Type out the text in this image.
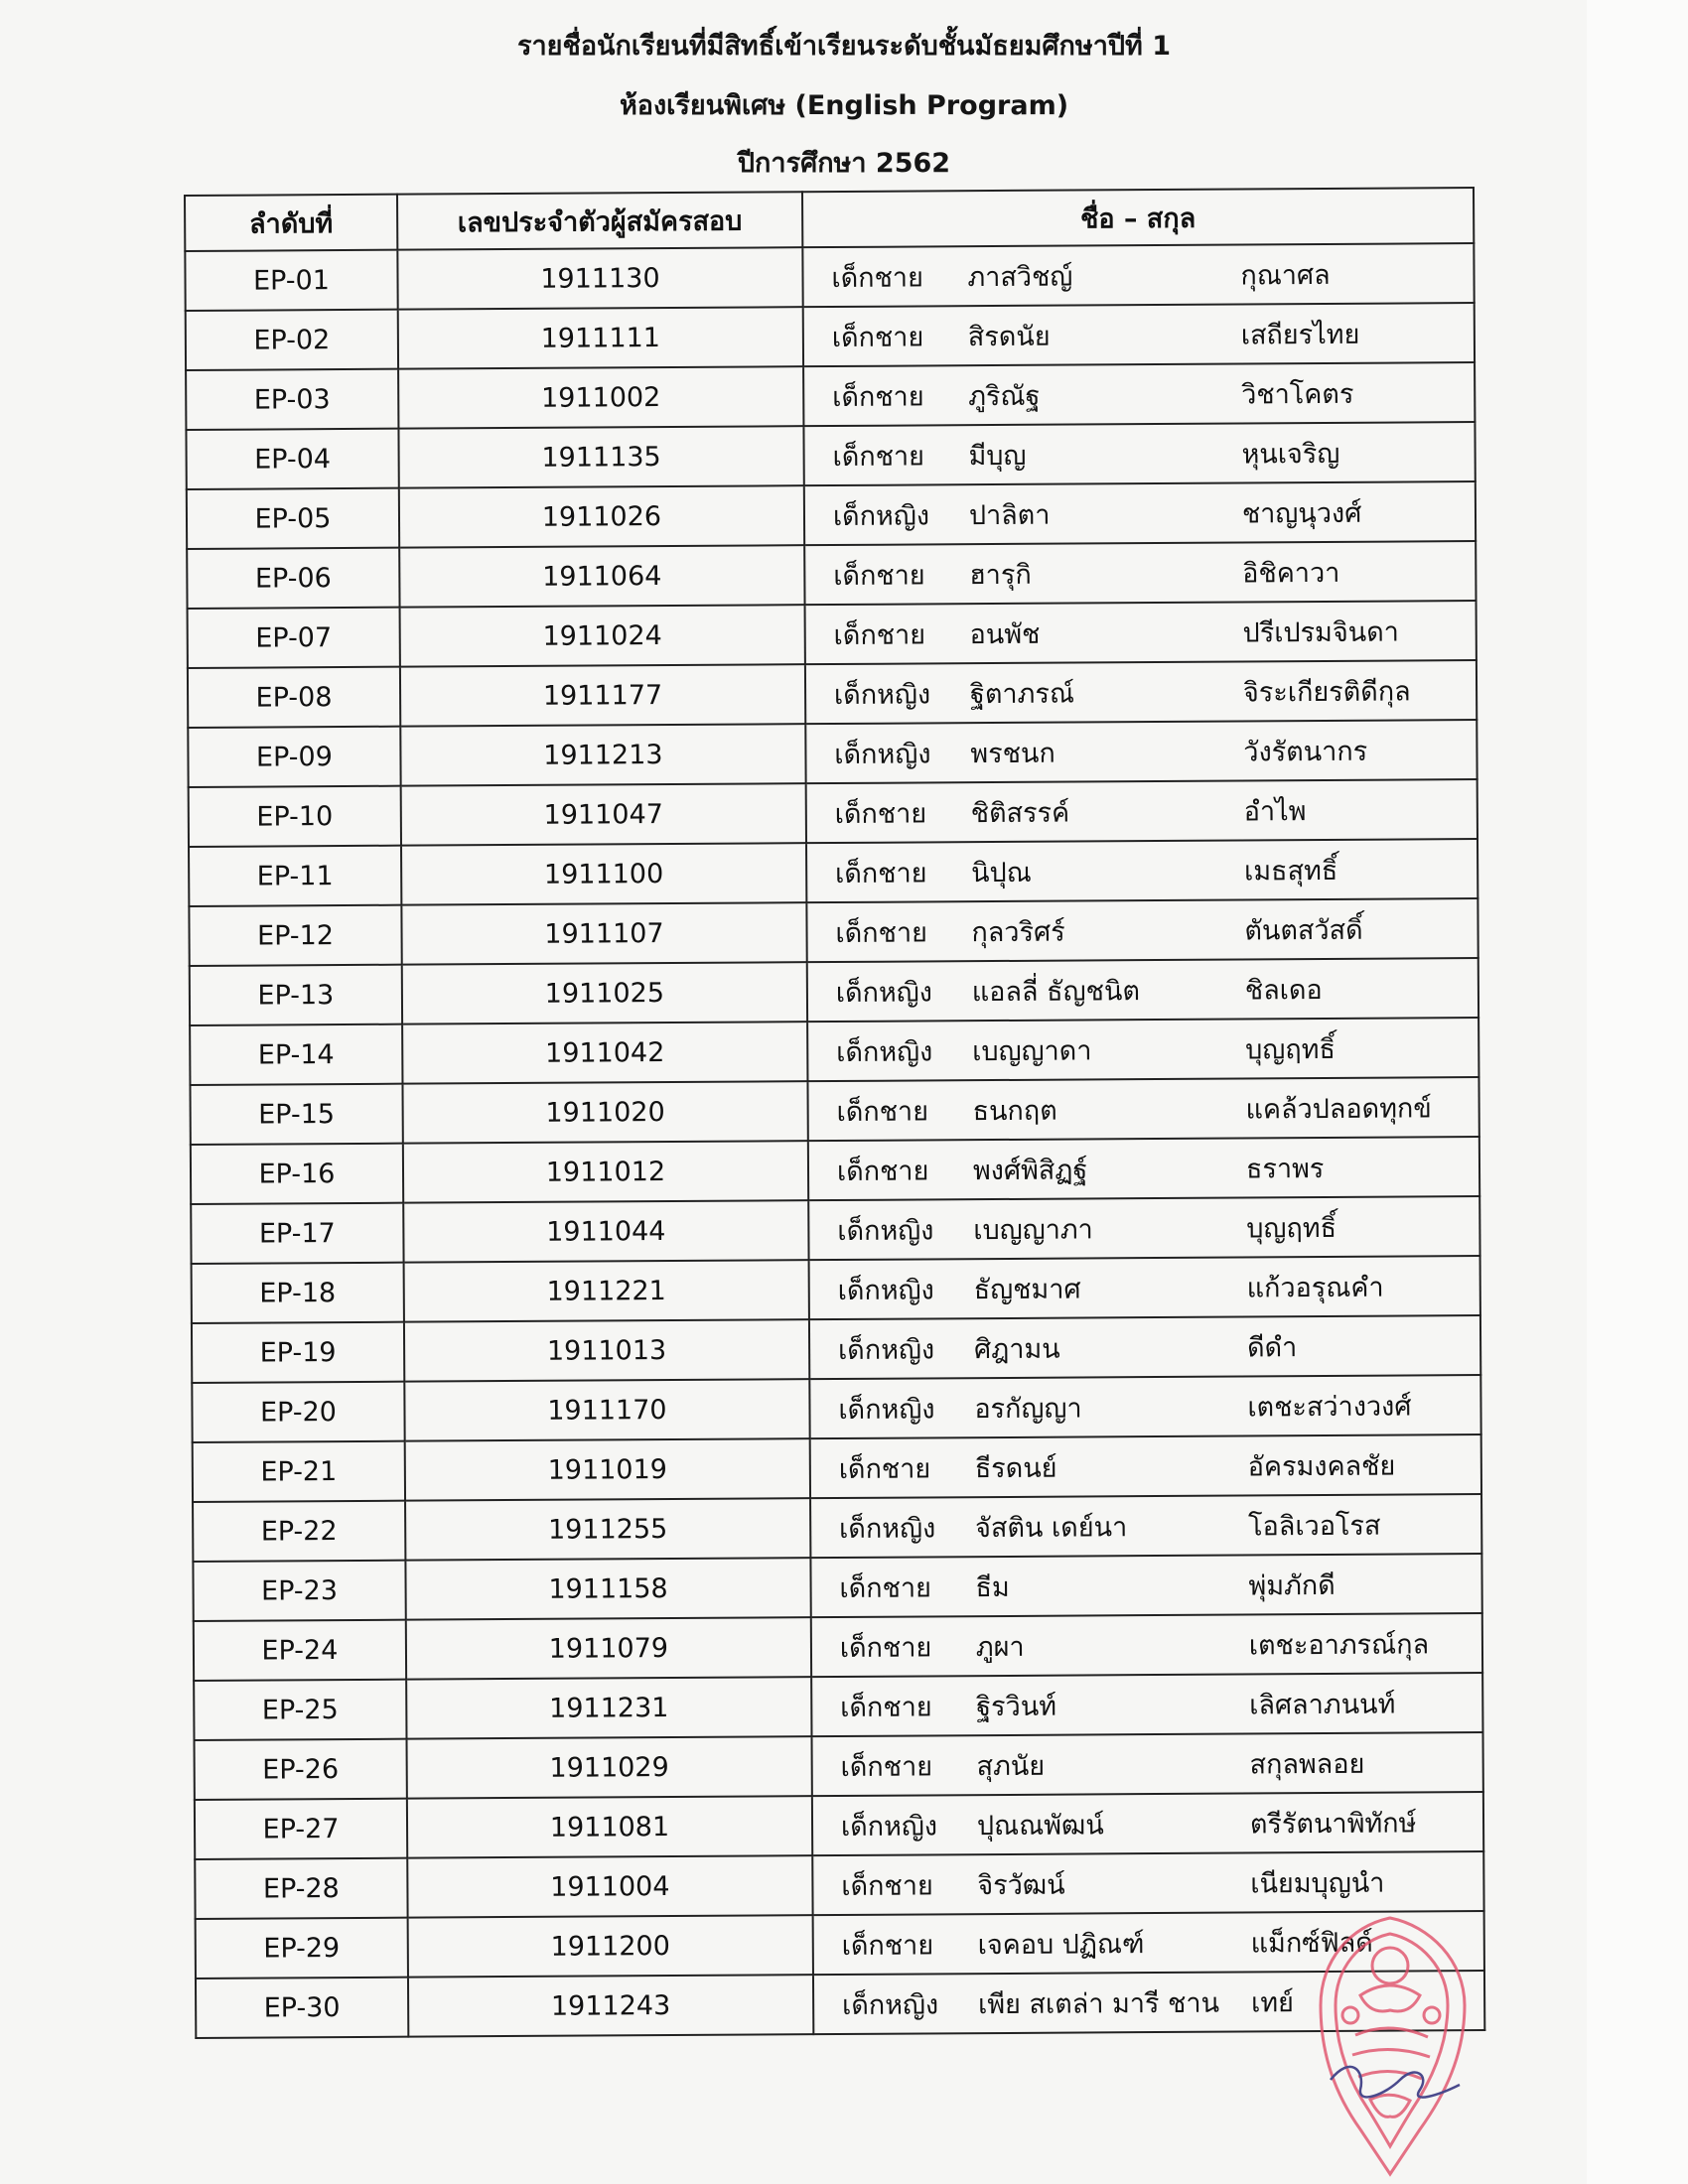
รายชื่อนักเรียนที่มีสิทธิ์เข้าเรียนระดับชั้นมัธยมศึกษาปีที่ 1
ห้องเรียนพิเศษ (English Program)
ปีการศึกษา 2562
ลำดับที่	เลขประจำตัวผู้สมัครสอบ	ชื่อ – สกุล
EP-01	1911130	เด็กชาย ภาสวิชญ์ กุณาศล

EP-02	1911111	เด็กชาย สิรดนัย เสถียรไทย

EP-03	1911002	เด็กชาย ภูริณัฐ วิชาโคตร

EP-04	1911135	เด็กชาย มีบุญ หุนเจริญ

EP-05	1911026	เด็กหญิง ปาลิตา ชาญนุวงศ์

EP-06	1911064	เด็กชาย ฮารุกิ อิชิคาวา

EP-07	1911024	เด็กชาย อนพัช ปรีเปรมจินดา

EP-08	1911177	เด็กหญิง ฐิตาภรณ์ จิระเกียรติดีกุล

EP-09	1911213	เด็กหญิง พรชนก วังรัตนากร

EP-10	1911047	เด็กชาย ชิติสรรค์ อำไพ

EP-11	1911100	เด็กชาย นิปุณ เมธสุทธิ์

EP-12	1911107	เด็กชาย กุลวริศร์ ตันตสวัสดิ์

EP-13	1911025	เด็กหญิง แอลลี่ ธัญชนิต ชิลเดอ

EP-14	1911042	เด็กหญิง เบญญาดา บุญฤทธิ์

EP-15	1911020	เด็กชาย ธนกฤต แคล้วปลอดทุกข์

EP-16	1911012	เด็กชาย พงศ์พิสิฏฐ์ ธราพร

EP-17	1911044	เด็กหญิง เบญญาภา บุญฤทธิ์

EP-18	1911221	เด็กหญิง ธัญชมาศ แก้วอรุณคำ

EP-19	1911013	เด็กหญิง ศิฎามน ดีดำ

EP-20	1911170	เด็กหญิง อรกัญญา เตชะสว่างวงศ์

EP-21	1911019	เด็กชาย ธีรดนย์ อัครมงคลชัย

EP-22	1911255	เด็กหญิง จัสติน เดย์นา โอลิเวอโรส

EP-23	1911158	เด็กชาย ธีม พุ่มภักดี

EP-24	1911079	เด็กชาย ภูผา เตชะอาภรณ์กุล

EP-25	1911231	เด็กชาย ฐิรวินท์ เลิศลาภนนท์

EP-26	1911029	เด็กชาย สุภนัย สกุลพลอย

EP-27	1911081	เด็กหญิง ปุณณพัฒน์ ตรีรัตนาพิทักษ์

EP-28	1911004	เด็กชาย จิรวัฒน์ เนียมบุญนำ

EP-29	1911200	เด็กชาย เจคอบ ปฏิณฑ์ แม็กซ์ฟิลด์

EP-30	1911243	เด็กหญิง เพีย สเตล่า มารี ชาน เทย์
